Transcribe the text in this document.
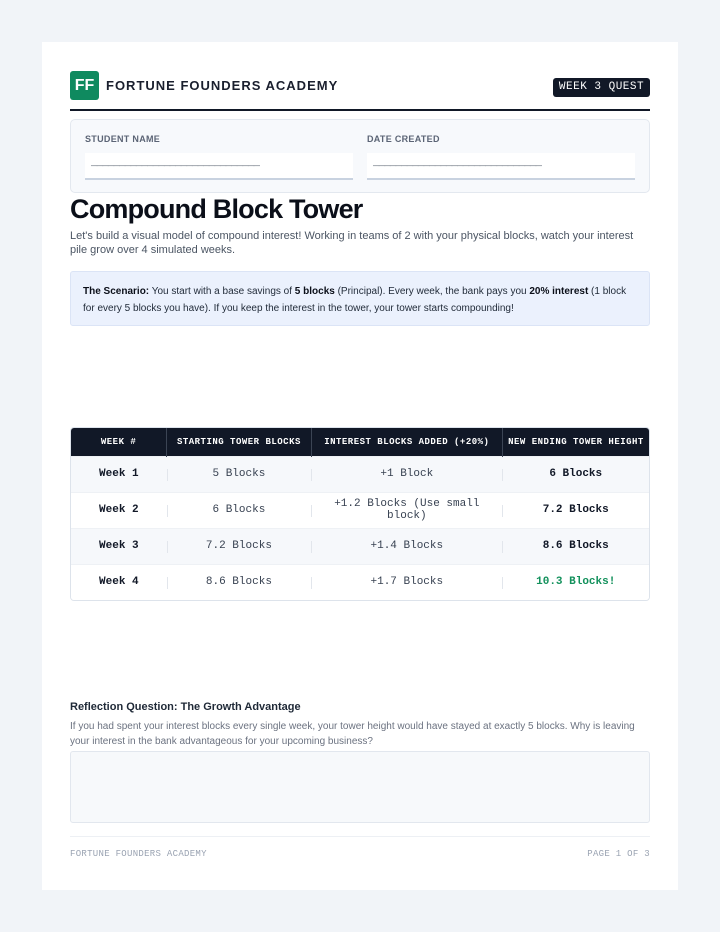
FF FORTUNE FOUNDERS ACADEMY	WEEK 3 QUEST
STUDENT NAME
______________________________
DATE CREATED
______________________________
Compound Block Tower

Let's build a visual model of compound interest! Working in teams of 2 with your physical blocks, watch your interest pile grow over 4 simulated weeks.

The Scenario: You start with a base savings of 5 blocks (Principal). Every week, the bank pays you 20% interest (1 block for every 5 blocks you have). If you keep the interest in the tower, your tower starts compounding!
WEEK #	STARTING TOWER BLOCKS	INTEREST BLOCKS ADDED (+20%)	NEW ENDING TOWER HEIGHT
Week 1	5 Blocks	+1 Block	6 Blocks
Week 2	6 Blocks	+1.2 Blocks (Use small block)	7.2 Blocks
Week 3	7.2 Blocks	+1.4 Blocks	8.6 Blocks
Week 4	8.6 Blocks	+1.7 Blocks	10.3 Blocks!
Reflection Question: The Growth Advantage

If you had spent your interest blocks every single week, your tower height would have stayed at exactly 5 blocks. Why is leaving your interest in the bank advantageous for your upcoming business?

FORTUNE FOUNDERS ACADEMY	PAGE 1 OF 3
